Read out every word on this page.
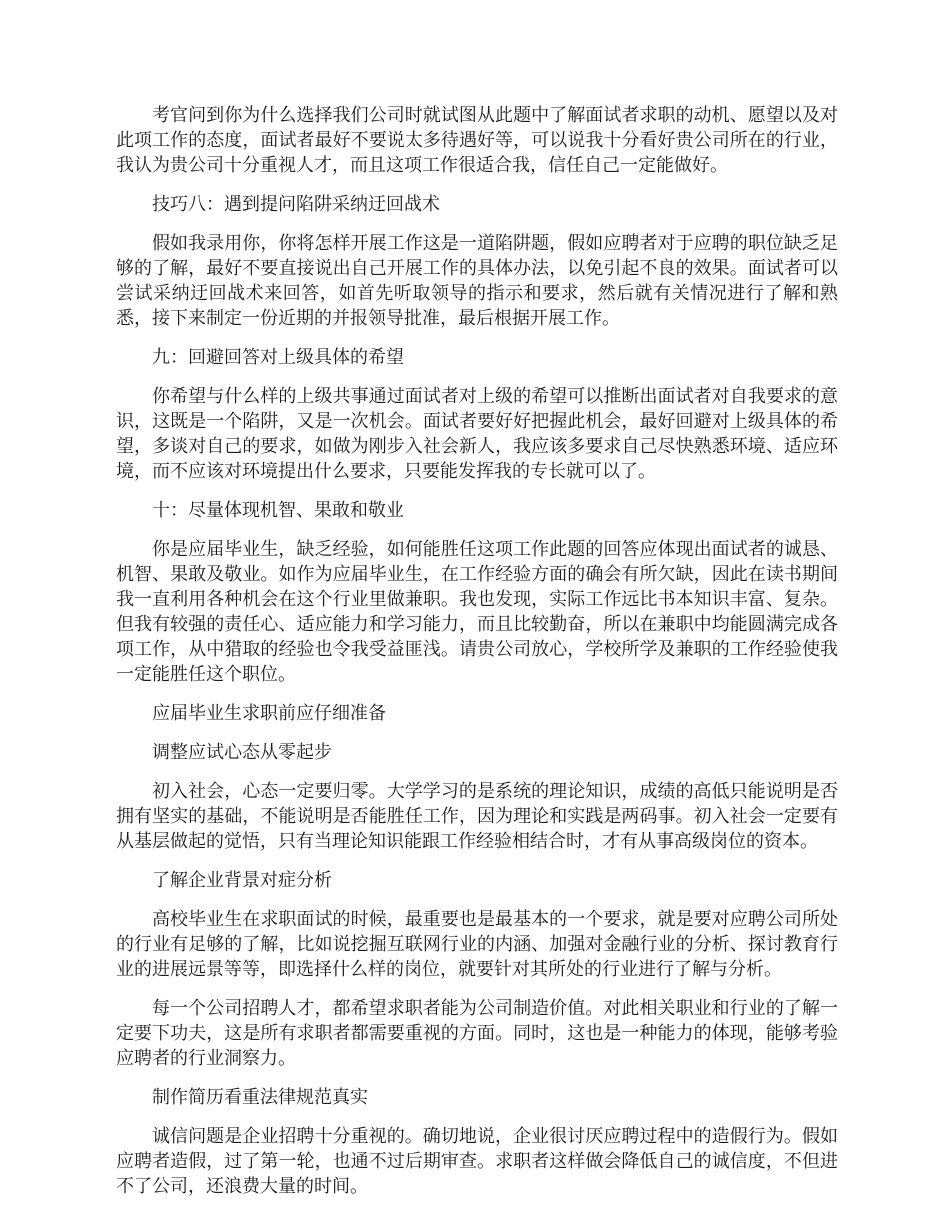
考官问到你为什么选择我们公司时就试图从此题中了解面试者求职的动机、愿望以及对此项工作的态度，面试者最好不要说太多待遇好等，可以说我十分看好贵公司所在的行业，我认为贵公司十分重视人才，而且这项工作很适合我，信任自己一定能做好。

技巧八：遇到提问陷阱采纳迂回战术

假如我录用你，你将怎样开展工作这是一道陷阱题，假如应聘者对于应聘的职位缺乏足够的了解，最好不要直接说出自己开展工作的具体办法，以免引起不良的效果。面试者可以尝试采纳迂回战术来回答，如首先听取领导的指示和要求，然后就有关情况进行了解和熟悉，接下来制定一份近期的并报领导批准，最后根据开展工作。

九：回避回答对上级具体的希望

你希望与什么样的上级共事通过面试者对上级的希望可以推断出面试者对自我要求的意识，这既是一个陷阱，又是一次机会。面试者要好好把握此机会，最好回避对上级具体的希望，多谈对自己的要求，如做为刚步入社会新人，我应该多要求自己尽快熟悉环境、适应环境，而不应该对环境提出什么要求，只要能发挥我的专长就可以了。

十：尽量体现机智、果敢和敬业

你是应届毕业生，缺乏经验，如何能胜任这项工作此题的回答应体现出面试者的诚恳、机智、果敢及敬业。如作为应届毕业生，在工作经验方面的确会有所欠缺，因此在读书期间我一直利用各种机会在这个行业里做兼职。我也发现，实际工作远比书本知识丰富、复杂。但我有较强的责任心、适应能力和学习能力，而且比较勤奋，所以在兼职中均能圆满完成各项工作，从中猎取的经验也令我受益匪浅。请贵公司放心，学校所学及兼职的工作经验使我一定能胜任这个职位。

应届毕业生求职前应仔细准备

调整应试心态从零起步

初入社会，心态一定要归零。大学学习的是系统的理论知识，成绩的高低只能说明是否拥有坚实的基础，不能说明是否能胜任工作，因为理论和实践是两码事。初入社会一定要有从基层做起的觉悟，只有当理论知识能跟工作经验相结合时，才有从事高级岗位的资本。

了解企业背景对症分析

高校毕业生在求职面试的时候，最重要也是最基本的一个要求，就是要对应聘公司所处的行业有足够的了解，比如说挖掘互联网行业的内涵、加强对金融行业的分析、探讨教育行业的进展远景等等，即选择什么样的岗位，就要针对其所处的行业进行了解与分析。

每一个公司招聘人才，都希望求职者能为公司制造价值。对此相关职业和行业的了解一定要下功夫，这是所有求职者都需要重视的方面。同时，这也是一种能力的体现，能够考验应聘者的行业洞察力。

制作简历看重法律规范真实

诚信问题是企业招聘十分重视的。确切地说，企业很讨厌应聘过程中的造假行为。假如应聘者造假，过了第一轮，也通不过后期审查。求职者这样做会降低自己的诚信度，不但进不了公司，还浪费大量的时间。
